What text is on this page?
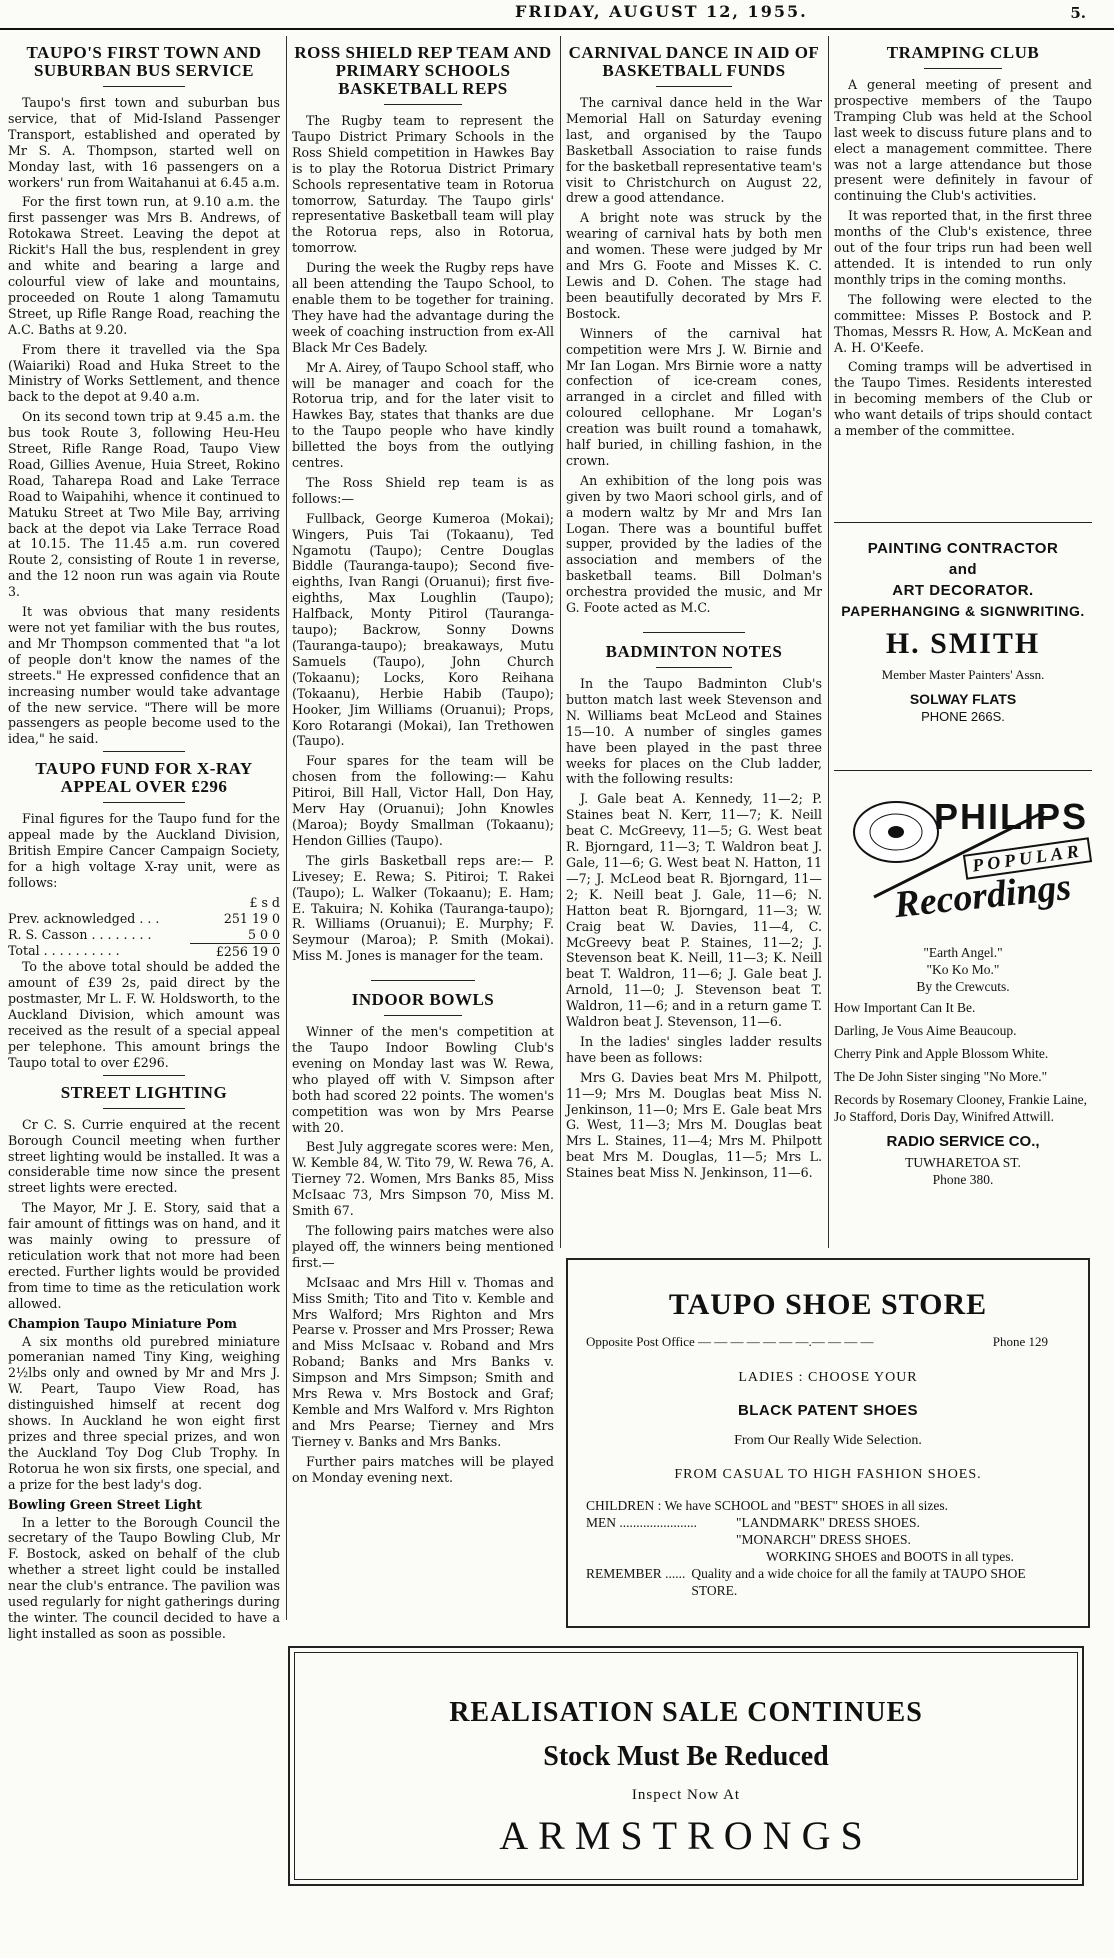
FRIDAY, AUGUST 12, 1955.	5.
TAUPO'S FIRST TOWN AND SUBURBAN BUS SERVICE

Taupo's first town and suburban bus service, that of Mid-Island Passenger Transport, established and operated by Mr S. A. Thompson, started well on Monday last, with 16 passengers on a workers' run from Waitahanui at 6.45 a.m.

For the first town run, at 9.10 a.m. the first passenger was Mrs B. Andrews, of Rotokawa Street. Leaving the depot at Rickit's Hall the bus, resplendent in grey and white and bearing a large and colourful view of lake and mountains, proceeded on Route 1 along Tamamutu Street, up Rifle Range Road, reaching the A.C. Baths at 9.20.

From there it travelled via the Spa (Waiariki) Road and Huka Street to the Ministry of Works Settlement, and thence back to the depot at 9.40 a.m.

On its second town trip at 9.45 a.m. the bus took Route 3, following Heu-Heu Street, Rifle Range Road, Taupo View Road, Gillies Avenue, Huia Street, Rokino Road, Taharepa Road and Lake Terrace Road to Waipahihi, whence it continued to Matuku Street at Two Mile Bay, arriving back at the depot via Lake Terrace Road at 10.15. The 11.45 a.m. run covered Route 2, consisting of Route 1 in reverse, and the 12 noon run was again via Route 3.

It was obvious that many residents were not yet familiar with the bus routes, and Mr Thompson commented that "a lot of people don't know the names of the streets." He expressed confidence that an increasing number would take advantage of the new service. "There will be more passengers as people become used to the idea," he said.

TAUPO FUND FOR X-RAY APPEAL OVER £296

Final figures for the Taupo fund for the appeal made by the Auckland Division, British Empire Cancer Campaign Society, for a high voltage X-ray unit, were as follows:

	£ s d
Prev. acknowledged . . .	251 19 0
R. S. Casson . . . . . . . .	5 0 0
Total . . . . . . . . . .	£256 19 0

To the above total should be added the amount of £39 2s, paid direct by the postmaster, Mr L. F. W. Holdsworth, to the Auckland Division, which amount was received as the result of a special appeal per telephone. This amount brings the Taupo total to over £296.

STREET LIGHTING

Cr C. S. Currie enquired at the recent Borough Council meeting when further street lighting would be installed. It was a considerable time now since the present street lights were erected.

The Mayor, Mr J. E. Story, said that a fair amount of fittings was on hand, and it was mainly owing to pressure of reticulation work that not more had been erected. Further lights would be provided from time to time as the reticulation work allowed.

Champion Taupo Miniature Pom

A six months old purebred miniature pomeranian named Tiny King, weighing 2½lbs only and owned by Mr and Mrs J. W. Peart, Taupo View Road, has distinguished himself at recent dog shows. In Auckland he won eight first prizes and three special prizes, and won the Auckland Toy Dog Club Trophy. In Rotorua he won six firsts, one special, and a prize for the best lady's dog.

Bowling Green Street Light

In a letter to the Borough Council the secretary of the Taupo Bowling Club, Mr F. Bostock, asked on behalf of the club whether a street light could be installed near the club's entrance. The pavilion was used regularly for night gatherings during the winter. The council decided to have a light installed as soon as possible.

ROSS SHIELD REP TEAM AND PRIMARY SCHOOLS BASKETBALL REPS

The Rugby team to represent the Taupo District Primary Schools in the Ross Shield competition in Hawkes Bay is to play the Rotorua District Primary Schools representative team in Rotorua tomorrow, Saturday. The Taupo girls' representative Basketball team will play the Rotorua reps, also in Rotorua, tomorrow.

During the week the Rugby reps have all been attending the Taupo School, to enable them to be together for training. They have had the advantage during the week of coaching instruction from ex-All Black Mr Ces Badely.

Mr A. Airey, of Taupo School staff, who will be manager and coach for the Rotorua trip, and for the later visit to Hawkes Bay, states that thanks are due to the Taupo people who have kindly billetted the boys from the outlying centres.

The Ross Shield rep team is as follows:—

Fullback, George Kumeroa (Mokai); Wingers, Puis Tai (Tokaanu), Ted Ngamotu (Taupo); Centre Douglas Biddle (Tauranga-taupo); Second five-eighths, Ivan Rangi (Oruanui); first five-eighths, Max Loughlin (Taupo); Halfback, Monty Pitirol (Tauranga-taupo); Backrow, Sonny Downs (Tauranga-taupo); breakaways, Mutu Samuels (Taupo), John Church (Tokaanu); Locks, Koro Reihana (Tokaanu), Herbie Habib (Taupo); Hooker, Jim Williams (Oruanui); Props, Koro Rotarangi (Mokai), Ian Trethowen (Taupo).

Four spares for the team will be chosen from the following:— Kahu Pitiroi, Bill Hall, Victor Hall, Don Hay, Merv Hay (Oruanui); John Knowles (Maroa); Boydy Smallman (Tokaanu); Hendon Gillies (Taupo).

The girls Basketball reps are:— P. Livesey; E. Rewa; S. Pitiroi; T. Rakei (Taupo); L. Walker (Tokaanu); E. Ham; E. Takuira; N. Kohika (Tauranga-taupo); R. Williams (Oruanui); E. Murphy; F. Seymour (Maroa); P. Smith (Mokai). Miss M. Jones is manager for the team.

INDOOR BOWLS

Winner of the men's competition at the Taupo Indoor Bowling Club's evening on Monday last was W. Rewa, who played off with V. Simpson after both had scored 22 points. The women's competition was won by Mrs Pearse with 20.

Best July aggregate scores were: Men, W. Kemble 84, W. Tito 79, W. Rewa 76, A. Tierney 72. Women, Mrs Banks 85, Miss McIsaac 73, Mrs Simpson 70, Miss M. Smith 67.

The following pairs matches were also played off, the winners being mentioned first.—

McIsaac and Mrs Hill v. Thomas and Miss Smith; Tito and Tito v. Kemble and Mrs Walford; Mrs Righton and Mrs Pearse v. Prosser and Mrs Prosser; Rewa and Miss McIsaac v. Roband and Mrs Roband; Banks and Mrs Banks v. Simpson and Mrs Simpson; Smith and Mrs Rewa v. Mrs Bostock and Graf; Kemble and Mrs Walford v. Mrs Righton and Mrs Pearse; Tierney and Mrs Tierney v. Banks and Mrs Banks.

Further pairs matches will be played on Monday evening next.

CARNIVAL DANCE IN AID OF BASKETBALL FUNDS

The carnival dance held in the War Memorial Hall on Saturday evening last, and organised by the Taupo Basketball Association to raise funds for the basketball representative team's visit to Christchurch on August 22, drew a good attendance.

A bright note was struck by the wearing of carnival hats by both men and women. These were judged by Mr and Mrs G. Foote and Misses K. C. Lewis and D. Cohen. The stage had been beautifully decorated by Mrs F. Bostock.

Winners of the carnival hat competition were Mrs J. W. Birnie and Mr Ian Logan. Mrs Birnie wore a natty confection of ice-cream cones, arranged in a circlet and filled with coloured cellophane. Mr Logan's creation was built round a tomahawk, half buried, in chilling fashion, in the crown.

An exhibition of the long pois was given by two Maori school girls, and of a modern waltz by Mr and Mrs Ian Logan. There was a bountiful buffet supper, provided by the ladies of the association and members of the basketball teams. Bill Dolman's orchestra provided the music, and Mr G. Foote acted as M.C.

BADMINTON NOTES

In the Taupo Badminton Club's button match last week Stevenson and N. Williams beat McLeod and Staines 15—10. A number of singles games have been played in the past three weeks for places on the Club ladder, with the following results:

J. Gale beat A. Kennedy, 11—2; P. Staines beat N. Kerr, 11—7; K. Neill beat C. McGreevy, 11—5; G. West beat R. Bjorngard, 11—3; T. Waldron beat J. Gale, 11—6; G. West beat N. Hatton, 11—7; J. McLeod beat R. Bjorngard, 11—2; K. Neill beat J. Gale, 11—6; N. Hatton beat R. Bjorngard, 11—3; W. Craig beat W. Davies, 11—4, C. McGreevy beat P. Staines, 11—2; J. Stevenson beat K. Neill, 11—3; K. Neill beat T. Waldron, 11—6; J. Gale beat J. Arnold, 11—0; J. Stevenson beat T. Waldron, 11—6; and in a return game T. Waldron beat J. Stevenson, 11—6.

In the ladies' singles ladder results have been as follows:

Mrs G. Davies beat Mrs M. Philpott, 11—9; Mrs M. Douglas beat Miss N. Jenkinson, 11—0; Mrs E. Gale beat Mrs G. West, 11—3; Mrs M. Douglas beat Mrs L. Staines, 11—4; Mrs M. Philpott beat Mrs M. Douglas, 11—5; Mrs L. Staines beat Miss N. Jenkinson, 11—6.

TRAMPING CLUB

A general meeting of present and prospective members of the Taupo Tramping Club was held at the School last week to discuss future plans and to elect a management committee. There was not a large attendance but those present were definitely in favour of continuing the Club's activities.

It was reported that, in the first three months of the Club's existence, three out of the four trips run had been well attended. It is intended to run only monthly trips in the coming months.

The following were elected to the committee: Misses P. Bostock and P. Thomas, Messrs R. How, A. McKean and A. H. O'Keefe.

Coming tramps will be advertised in the Taupo Times. Residents interested in becoming members of the Club or who want details of trips should contact a member of the committee.

PAINTING CONTRACTOR
and
ART DECORATOR.
PAPERHANGING & SIGNWRITING.
H. SMITH
Member Master Painters' Assn.
SOLWAY FLATS
PHONE 266S.
PHILIPS
POPULAR
Recordings
"Earth Angel."
"Ko Ko Mo."
By the Crewcuts.
How Important Can It Be.
Darling, Je Vous Aime Beaucoup.
Cherry Pink and Apple Blossom White.
The De John Sister singing "No More."
Records by Rosemary Clooney, Frankie Laine, Jo Stafford, Doris Day, Winifred Attwill.
RADIO SERVICE CO.,
TUWHARETOA ST.
Phone 380.
TAUPO SHOE STORE
Opposite Post Office — — — — — — —.— — — —	Phone 129
LADIES : CHOOSE YOUR
BLACK PATENT SHOES
From Our Really Wide Selection.
FROM CASUAL TO HIGH FASHION SHOES.
CHILDREN : We have SCHOOL and "BEST" SHOES in all sizes.
MEN .......................	"LANDMARK" DRESS SHOES.
"MONARCH" DRESS SHOES.
WORKING SHOES and BOOTS in all types.
REMEMBER ...... Quality and a wide choice for all the family at TAUPO SHOE STORE.
REALISATION SALE CONTINUES
Stock Must Be Reduced
Inspect Now At
ARMSTRONGS
